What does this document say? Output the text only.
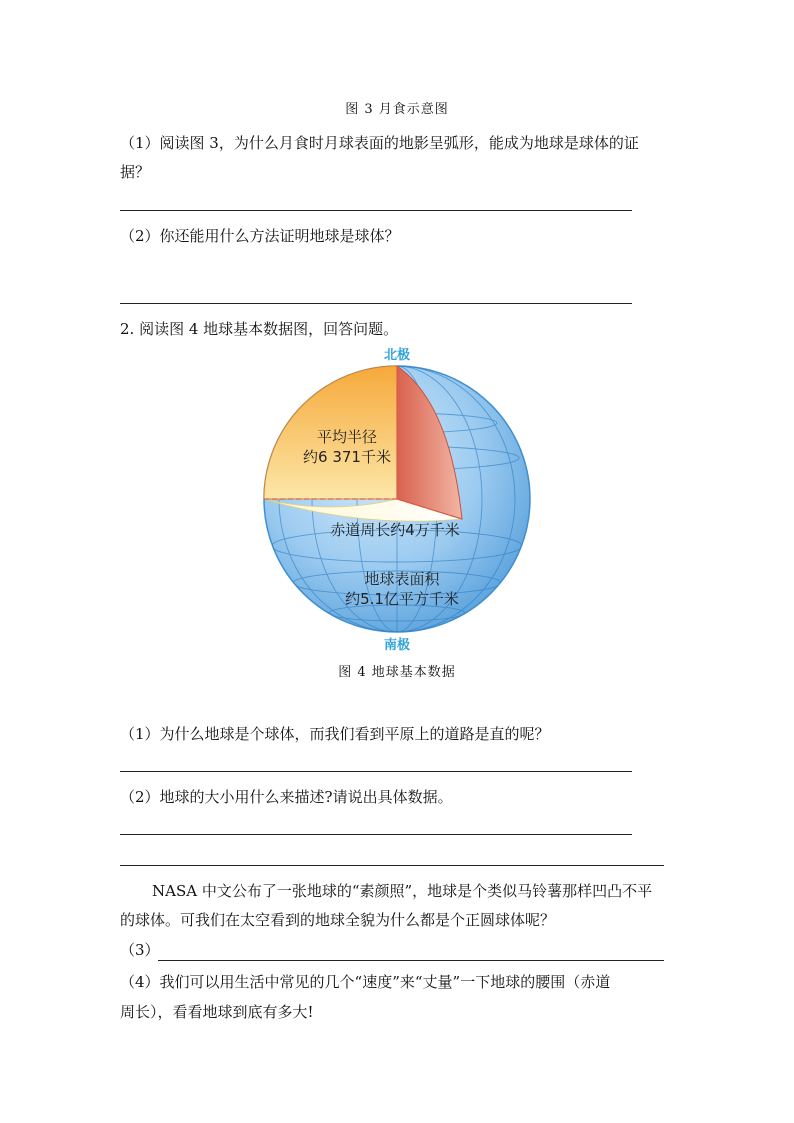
图 3 月食示意图
（1）阅读图 3，为什么月食时月球表面的地影呈弧形，能成为地球是球体的证
据？
（2）你还能用什么方法证明地球是球体？
2. 阅读图 4 地球基本数据图，回答问题。
北极
南极
平均半径
约6 371千米
赤道周长约4万千米
地球表面积
约5.1亿平方千米
图 4 地球基本数据
（1）为什么地球是个球体，而我们看到平原上的道路是直的呢？
（2）地球的大小用什么来描述?请说出具体数据。
NASA 中文公布了一张地球的“素颜照”，地球是个类似马铃薯那样凹凸不平
的球体。可我们在太空看到的地球全貌为什么都是个正圆球体呢？
（3）
（4）我们可以用生活中常见的几个“速度”来“丈量”一下地球的腰围（赤道
周长），看看地球到底有多大!
